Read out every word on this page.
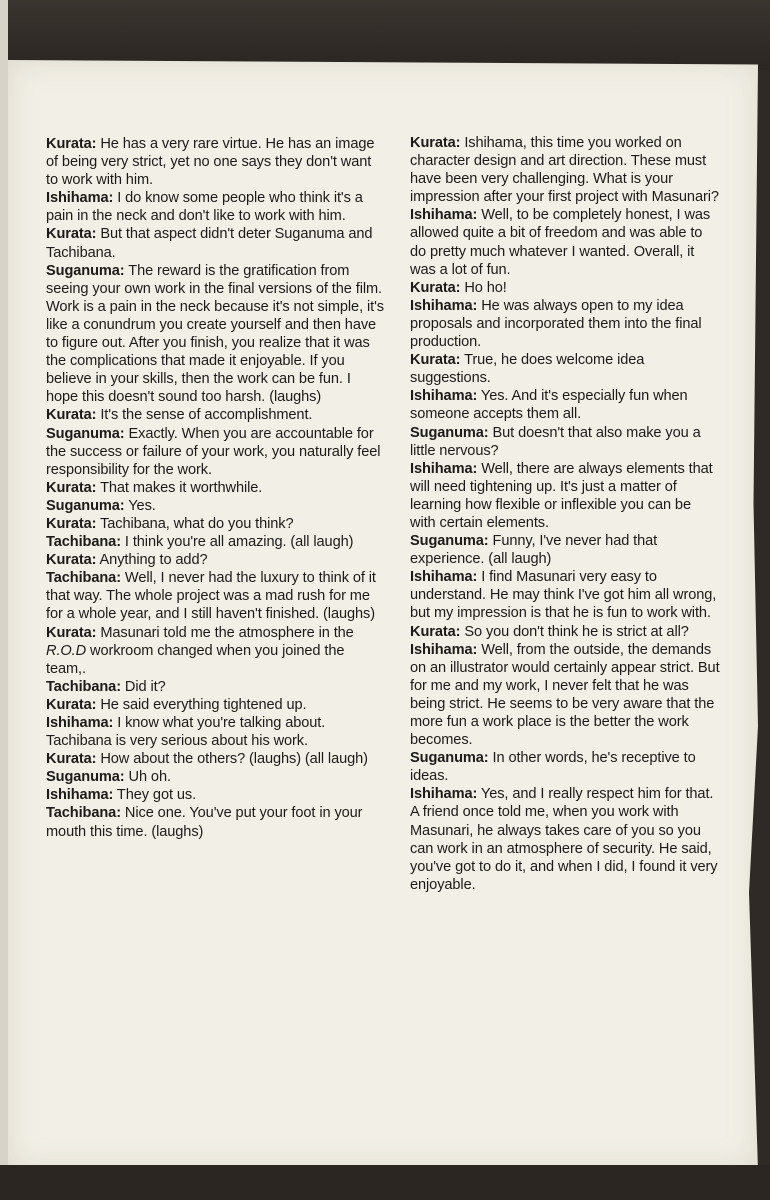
Kurata: He has a very rare virtue. He has an image of being very strict, yet no one says they don't want to work with him.

Ishihama: I do know some people who think it's a pain in the neck and don't like to work with him.

Kurata: But that aspect didn't deter Suganuma and Tachibana.

Suganuma: The reward is the gratification from seeing your own work in the final versions of the film. Work is a pain in the neck because it's not simple, it's like a conundrum you create yourself and then have to figure out. After you finish, you realize that it was the complications that made it enjoyable. If you believe in your skills, then the work can be fun. I hope this doesn't sound too harsh. (laughs)

Kurata: It's the sense of accomplishment.

Suganuma: Exactly. When you are accountable for the success or failure of your work, you naturally feel responsibility for the work.

Kurata: That makes it worthwhile.

Suganuma: Yes.

Kurata: Tachibana, what do you think?

Tachibana: I think you're all amazing. (all laugh)

Kurata: Anything to add?

Tachibana: Well, I never had the luxury to think of it that way. The whole project was a mad rush for me for a whole year, and I still haven't finished. (laughs)

Kurata: Masunari told me the atmosphere in the R.O.D workroom changed when you joined the team,.

Tachibana: Did it?

Kurata: He said everything tightened up.

Ishihama: I know what you're talking about. Tachibana is very serious about his work.

Kurata: How about the others? (laughs) (all laugh)

Suganuma: Uh oh.

Ishihama: They got us.

Tachibana: Nice one. You've put your foot in your mouth this time. (laughs)

Kurata: Ishihama, this time you worked on character design and art direction. These must have been very challenging. What is your impression after your first project with Masunari?

Ishihama: Well, to be completely honest, I was allowed quite a bit of freedom and was able to do pretty much whatever I wanted. Overall, it was a lot of fun.

Kurata: Ho ho!

Ishihama: He was always open to my idea proposals and incorporated them into the final production.

Kurata: True, he does welcome idea suggestions.

Ishihama: Yes. And it's especially fun when someone accepts them all.

Suganuma: But doesn't that also make you a little nervous?

Ishihama: Well, there are always elements that will need tightening up. It's just a matter of learning how flexible or inflexible you can be with certain elements.

Suganuma: Funny, I've never had that experience. (all laugh)

Ishihama: I find Masunari very easy to understand. He may think I've got him all wrong, but my impression is that he is fun to work with.

Kurata: So you don't think he is strict at all?

Ishihama: Well, from the outside, the demands on an illustrator would certainly appear strict. But for me and my work, I never felt that he was being strict. He seems to be very aware that the more fun a work place is the better the work becomes.

Suganuma: In other words, he's receptive to ideas.

Ishihama: Yes, and I really respect him for that. A friend once told me, when you work with Masunari, he always takes care of you so you can work in an atmosphere of security. He said, you've got to do it, and when I did, I found it very enjoyable.
